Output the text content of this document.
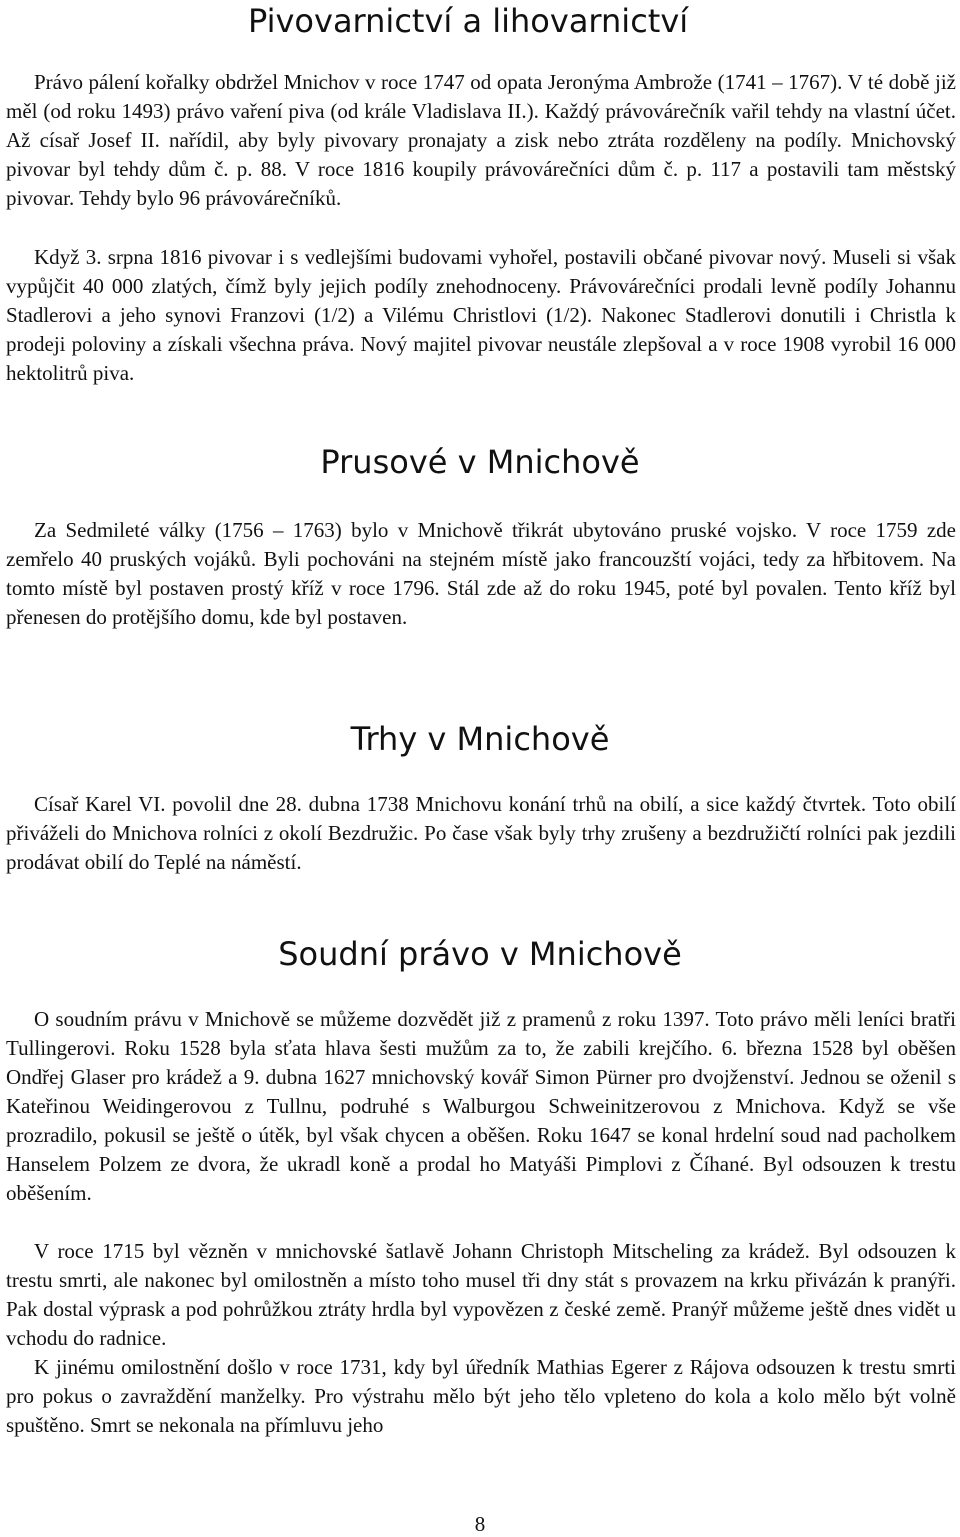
Pivovarnictví a lihovarnictví

Právo pálení kořalky obdržel Mnichov v roce 1747 od opata Jeronýma Ambrože (1741 – 1767). V té době již měl (od roku 1493) právo vaření piva (od krále Vladislava II.). Každý právovárečník vařil tehdy na vlastní účet. Až císař Josef II. nařídil, aby byly pivovary pronajaty a zisk nebo ztráta rozděleny na podíly. Mnichovský pivovar byl tehdy dům č. p. 88. V roce 1816 koupily právovárečníci dům č. p. 117 a postavili tam městský pivovar. Tehdy bylo 96 právovárečníků.

Když 3. srpna 1816 pivovar i s vedlejšími budovami vyhořel, postavili občané pivovar nový. Museli si však vypůjčit 40 000 zlatých, čímž byly jejich podíly znehodnoceny. Právovárečníci prodali levně podíly Johannu Stadlerovi a jeho synovi Franzovi (1/2) a Vilému Christlovi (1/2). Nakonec Stadlerovi donutili i Christla k prodeji poloviny a získali všechna práva. Nový majitel pivovar neustále zlepšoval a v roce 1908 vyrobil 16 000 hektolitrů piva.

Prusové v Mnichově

Za Sedmileté války (1756 – 1763) bylo v Mnichově třikrát ubytováno pruské vojsko. V roce 1759 zde zemřelo 40 pruských vojáků. Byli pochováni na stejném místě jako francouzští vojáci, tedy za hřbitovem. Na tomto místě byl postaven prostý kříž v roce 1796. Stál zde až do roku 1945, poté byl povalen. Tento kříž byl přenesen do protějšího domu, kde byl postaven.

Trhy v Mnichově

Císař Karel VI. povolil dne 28. dubna 1738 Mnichovu konání trhů na obilí, a sice každý čtvrtek. Toto obilí přiváželi do Mnichova rolníci z okolí Bezdružic. Po čase však byly trhy zrušeny a bezdružičtí rolníci pak jezdili prodávat obilí do Teplé na náměstí.

Soudní právo v Mnichově

O soudním právu v Mnichově se můžeme dozvědět již z pramenů z roku 1397. Toto právo měli leníci bratři Tullingerovi. Roku 1528 byla sťata hlava šesti mužům za to, že zabili krejčího. 6. března 1528 byl oběšen Ondřej Glaser pro krádež a 9. dubna 1627 mnichovský kovář Simon Pürner pro dvojženství. Jednou se oženil s Kateřinou Weidingerovou z Tullnu, podruhé s Walburgou Schweinitzerovou z Mnichova. Když se vše prozradilo, pokusil se ještě o útěk, byl však chycen a oběšen. Roku 1647 se konal hrdelní soud nad pacholkem Hanselem Polzem ze dvora, že ukradl koně a prodal ho Matyáši Pimplovi z Číhané. Byl odsouzen k trestu oběšením.

V roce 1715 byl vězněn v mnichovské šatlavě Johann Christoph Mitscheling za krádež. Byl odsouzen k trestu smrti, ale nakonec byl omilostněn a místo toho musel tři dny stát s provazem na krku přivázán k pranýři. Pak dostal výprask a pod pohrůžkou ztráty hrdla byl vypovězen z české země. Pranýř můžeme ještě dnes vidět u vchodu do radnice.

K jinému omilostnění došlo v roce 1731, kdy byl úředník Mathias Egerer z Rájova odsouzen k trestu smrti pro pokus o zavraždění manželky. Pro výstrahu mělo být jeho tělo vpleteno do kola a kolo mělo být volně spuštěno. Smrt se nekonala na přímluvu jeho

8
